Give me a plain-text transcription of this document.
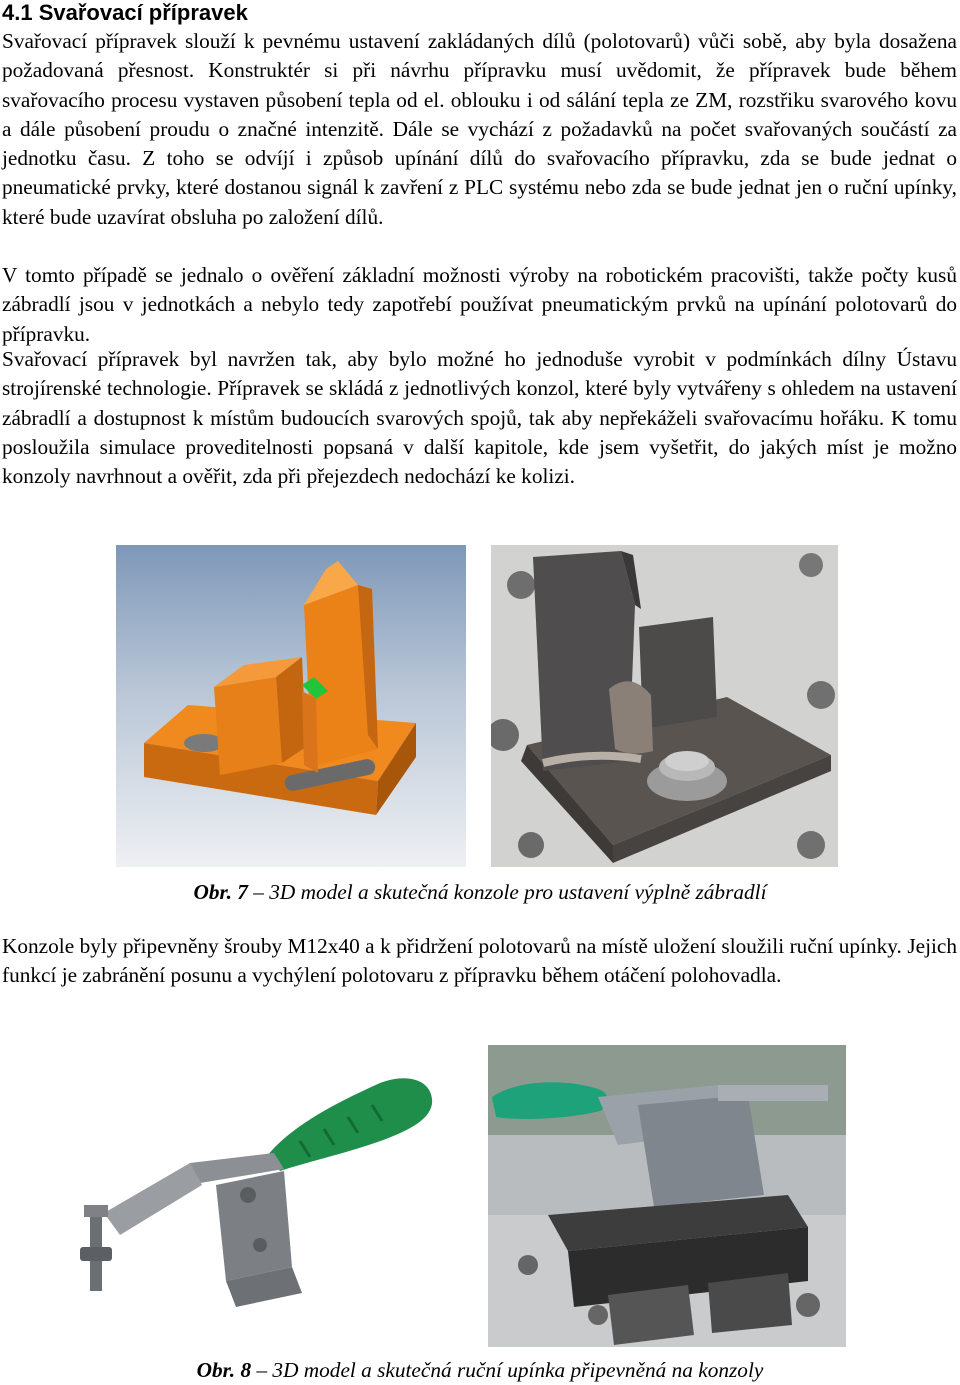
4.1 Svařovací přípravek

Svařovací přípravek slouží k pevnému ustavení zakládaných dílů (polotovarů) vůči sobě, aby byla dosažena požadovaná přesnost. Konstruktér si při návrhu přípravku musí uvědomit, že přípravek bude během svařovacího procesu vystaven působení tepla od el. oblouku i od sálání tepla ze ZM, rozstřiku svarového kovu a dále působení proudu o značné intenzitě. Dále se vychází z požadavků na počet svařovaných součástí za jednotku času. Z toho se odvíjí i způsob upínání dílů do svařovacího přípravku, zda se bude jednat o pneumatické prvky, které dostanou signál k zavření z PLC systému nebo zda se bude jednat jen o ruční upínky, které bude uzavírat obsluha po založení dílů.

V tomto případě se jednalo o ověření základní možnosti výroby na robotickém pracovišti, takže počty kusů zábradlí jsou v jednotkách a nebylo tedy zapotřebí používat pneumatickým prvků na upínání polotovarů do přípravku.

Svařovací přípravek byl navržen tak, aby bylo možné ho jednoduše vyrobit v podmínkách dílny Ústavu strojírenské technologie. Přípravek se skládá z jednotlivých konzol, které byly vytvářeny s ohledem na ustavení zábradlí a dostupnost k místům budoucích svarových spojů, tak aby nepřekáželi svařovacímu hořáku. K tomu posloužila simulace proveditelnosti popsaná v další kapitole, kde jsem vyšetřit, do jakých míst je možno konzoly navrhnout a ověřit, zda při přejezdech nedochází ke kolizi.

Obr. 7 – 3D model a skutečná konzole pro ustavení výplně zábradlí

Konzole byly připevněny šrouby M12x40 a k přidržení polotovarů na místě uložení sloužili ruční upínky. Jejich funkcí je zabránění posunu a vychýlení polotovaru z přípravku během otáčení polohovadla.

Obr. 8 – 3D model a skutečná ruční upínka připevněná na konzoly
